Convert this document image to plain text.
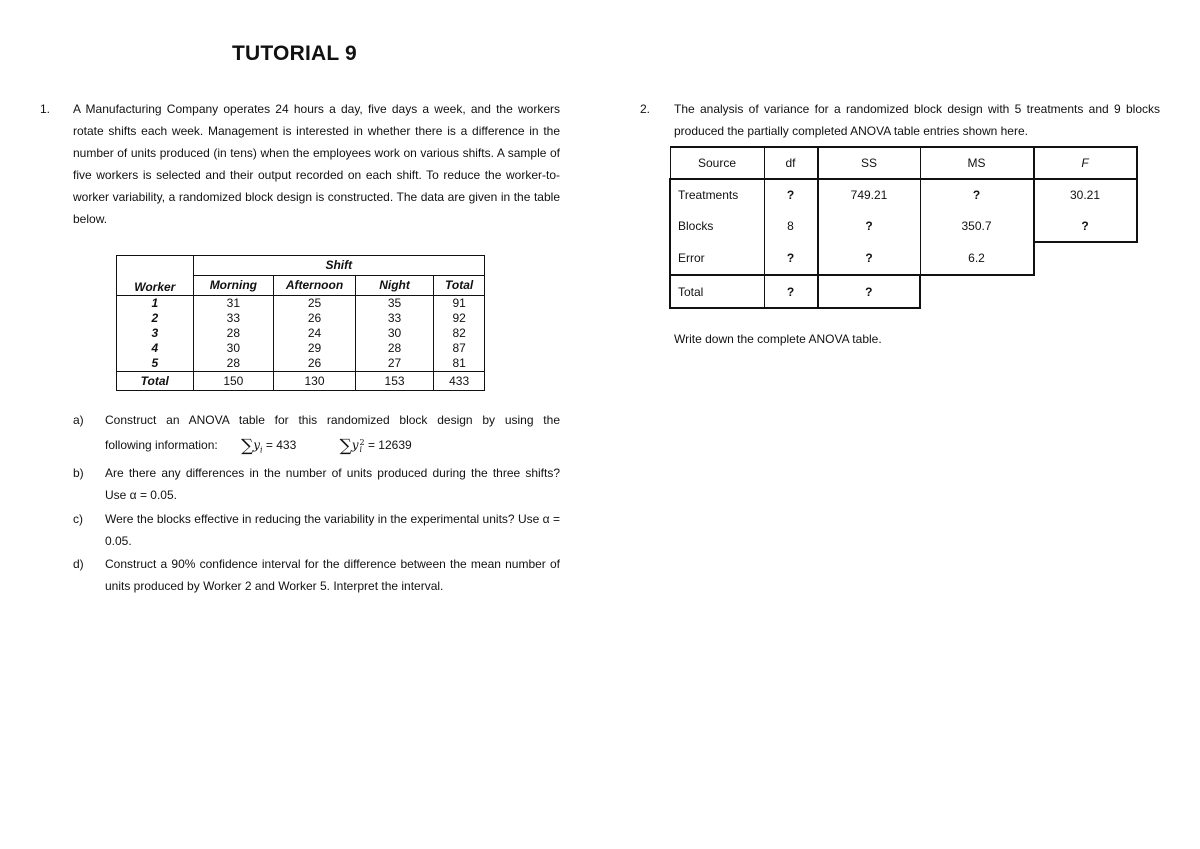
TUTORIAL 9
1. A Manufacturing Company operates 24 hours a day, five days a week, and the workers rotate shifts each week. Management is interested in whether there is a difference in the number of units produced (in tens) when the employees work on various shifts. A sample of five workers is selected and their output recorded on each shift. To reduce the worker-to-worker variability, a randomized block design is constructed. The data are given in the table below.
Worker	Shift			
	Morning	Afternoon	Night	Total
1	31	25	35	91
2	33	26	33	92
3	28	24	30	82
4	30	29	28	87
5	28	26	27	81
Total	150	130	153	433
a) Construct an ANOVA table for this randomized block design by using the
following information: $\sum y_i = 433$	∑y2
i = 12639
b) Are there any differences in the number of units produced during the three shifts? Use α = 0.05.
c) Were the blocks effective in reducing the variability in the experimental units? Use α = 0.05.
d) Construct a 90% confidence interval for the difference between the mean number of units produced by Worker 2 and Worker 5. Interpret the interval.
2. The analysis of variance for a randomized block design with 5 treatments and 9 blocks produced the partially completed ANOVA table entries shown here.
Source	df	SS	MS	F
Treatments	?	749.21	?	30.21
Blocks	8	?	350.7	?
Error	?	?	6.2	
Total	?	?		
Write down the complete ANOVA table.
